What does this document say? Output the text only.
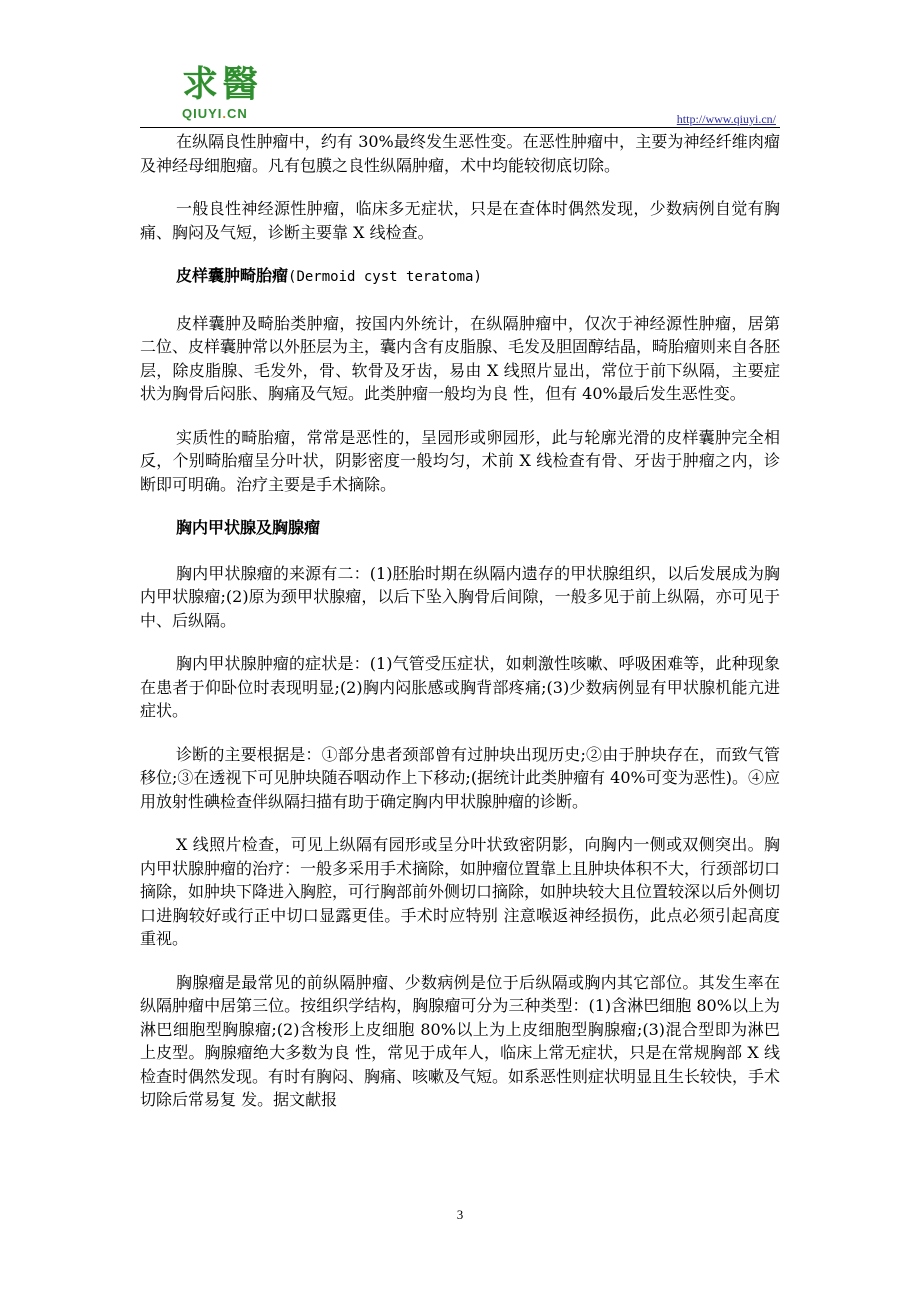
求醫
QIUYI.CN	http://www.qiuyi.cn/

在纵隔良性肿瘤中，约有 30%最终发生恶性变。在恶性肿瘤中，主要为神经纤维肉瘤及神经母细胞瘤。凡有包膜之良性纵隔肿瘤，术中均能较彻底切除。

一般良性神经源性肿瘤，临床多无症状，只是在查体时偶然发现，少数病例自觉有胸痛、胸闷及气短，诊断主要靠 X 线检查。

皮样囊肿畸胎瘤(Dermoid cyst teratoma)

皮样囊肿及畸胎类肿瘤，按国内外统计，在纵隔肿瘤中，仅次于神经源性肿瘤，居第二位、皮样囊肿常以外胚层为主，囊内含有皮脂腺、毛发及胆固醇结晶，畸胎瘤则来自各胚层，除皮脂腺、毛发外，骨、软骨及牙齿，易由 X 线照片显出，常位于前下纵隔，主要症状为胸骨后闷胀、胸痛及气短。此类肿瘤一般均为良 性，但有 40%最后发生恶性变。

实质性的畸胎瘤，常常是恶性的，呈园形或卵园形，此与轮廓光滑的皮样囊肿完全相反，个别畸胎瘤呈分叶状，阴影密度一般均匀，术前 X 线检查有骨、牙齿于肿瘤之内，诊断即可明确。治疗主要是手术摘除。

胸内甲状腺及胸腺瘤

胸内甲状腺瘤的来源有二：(1)胚胎时期在纵隔内遗存的甲状腺组织，以后发展成为胸内甲状腺瘤;(2)原为颈甲状腺瘤，以后下坠入胸骨后间隙，一般多见于前上纵隔，亦可见于中、后纵隔。

胸内甲状腺肿瘤的症状是：(1)气管受压症状，如刺激性咳嗽、呼吸困难等，此种现象在患者于仰卧位时表现明显;(2)胸内闷胀感或胸背部疼痛;(3)少数病例显有甲状腺机能亢进症状。

诊断的主要根据是：①部分患者颈部曾有过肿块出现历史;②由于肿块存在，而致气管移位;③在透视下可见肿块随吞咽动作上下移动;(据统计此类肿瘤有 40%可变为恶性)。④应用放射性碘检查伴纵隔扫描有助于确定胸内甲状腺肿瘤的诊断。

X 线照片检查，可见上纵隔有园形或呈分叶状致密阴影，向胸内一侧或双侧突出。胸内甲状腺肿瘤的治疗：一般多采用手术摘除，如肿瘤位置靠上且肿块体积不大，行颈部切口摘除，如肿块下降进入胸腔，可行胸部前外侧切口摘除，如肿块较大且位置较深以后外侧切口进胸较好或行正中切口显露更佳。手术时应特别 注意喉返神经损伤，此点必须引起高度重视。

胸腺瘤是最常见的前纵隔肿瘤、少数病例是位于后纵隔或胸内其它部位。其发生率在纵隔肿瘤中居第三位。按组织学结构，胸腺瘤可分为三种类型：(1)含淋巴细胞 80%以上为淋巴细胞型胸腺瘤;(2)含梭形上皮细胞 80%以上为上皮细胞型胸腺瘤;(3)混合型即为淋巴上皮型。胸腺瘤绝大多数为良 性，常见于成年人，临床上常无症状，只是在常规胸部 X 线检查时偶然发现。有时有胸闷、胸痛、咳嗽及气短。如系恶性则症状明显且生长较快，手术切除后常易复 发。据文献报

3
